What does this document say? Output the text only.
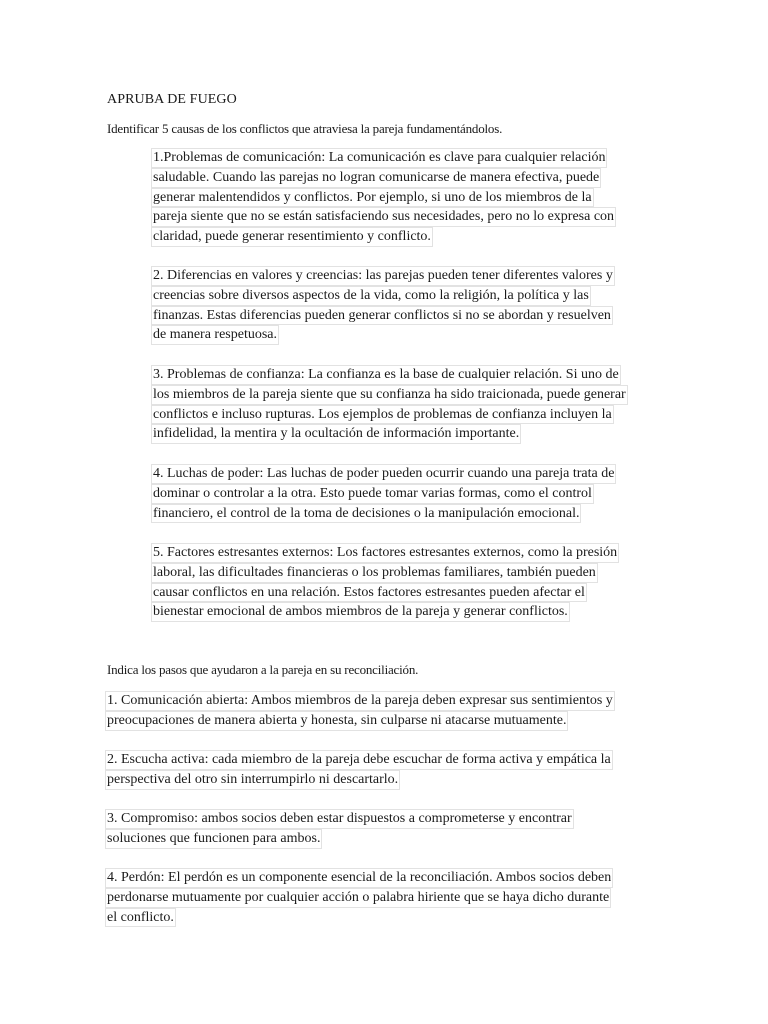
APRUBA DE FUEGO
Identificar 5 causas de los conflictos que atraviesa la pareja fundamentándolos.
1.Problemas de comunicación: La comunicación es clave para cualquier relación
saludable. Cuando las parejas no logran comunicarse de manera efectiva, puede
generar malentendidos y conflictos. Por ejemplo, si uno de los miembros de la
pareja siente que no se están satisfaciendo sus necesidades, pero no lo expresa con
claridad, puede generar resentimiento y conflicto.
2. Diferencias en valores y creencias: las parejas pueden tener diferentes valores y
creencias sobre diversos aspectos de la vida, como la religión, la política y las
finanzas. Estas diferencias pueden generar conflictos si no se abordan y resuelven
de manera respetuosa.
3. Problemas de confianza: La confianza es la base de cualquier relación. Si uno de
los miembros de la pareja siente que su confianza ha sido traicionada, puede generar
conflictos e incluso rupturas. Los ejemplos de problemas de confianza incluyen la
infidelidad, la mentira y la ocultación de información importante.
4. Luchas de poder: Las luchas de poder pueden ocurrir cuando una pareja trata de
dominar o controlar a la otra. Esto puede tomar varias formas, como el control
financiero, el control de la toma de decisiones o la manipulación emocional.
5. Factores estresantes externos: Los factores estresantes externos, como la presión
laboral, las dificultades financieras o los problemas familiares, también pueden
causar conflictos en una relación. Estos factores estresantes pueden afectar el
bienestar emocional de ambos miembros de la pareja y generar conflictos.
Indica los pasos que ayudaron a la pareja en su reconciliación.
1. Comunicación abierta: Ambos miembros de la pareja deben expresar sus sentimientos y
preocupaciones de manera abierta y honesta, sin culparse ni atacarse mutuamente.
2. Escucha activa: cada miembro de la pareja debe escuchar de forma activa y empática la
perspectiva del otro sin interrumpirlo ni descartarlo.
3. Compromiso: ambos socios deben estar dispuestos a comprometerse y encontrar
soluciones que funcionen para ambos.
4. Perdón: El perdón es un componente esencial de la reconciliación. Ambos socios deben
perdonarse mutuamente por cualquier acción o palabra hiriente que se haya dicho durante
el conflicto.
